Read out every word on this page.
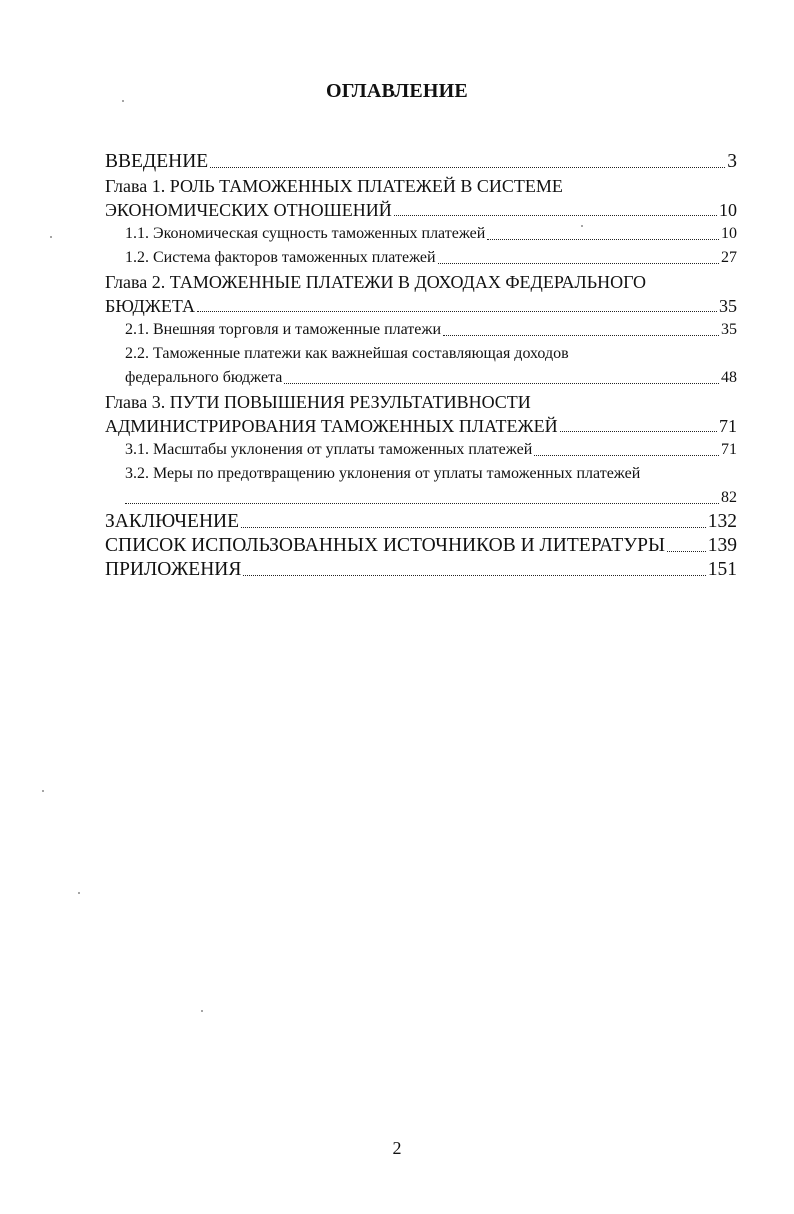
ОГЛАВЛЕНИЕ
ВВЕДЕНИЕ	3
Глава 1. РОЛЬ ТАМОЖЕННЫХ ПЛАТЕЖЕЙ В СИСТЕМЕ
ЭКОНОМИЧЕСКИХ ОТНОШЕНИЙ	10
1.1. Экономическая сущность таможенных платежей	10
1.2. Система факторов таможенных платежей	27
Глава 2. ТАМОЖЕННЫЕ ПЛАТЕЖИ В ДОХОДАХ ФЕДЕРАЛЬНОГО
БЮДЖЕТА	35
2.1. Внешняя торговля и таможенные платежи	35
2.2. Таможенные платежи как важнейшая составляющая доходов
федерального бюджета	48
Глава 3. ПУТИ ПОВЫШЕНИЯ РЕЗУЛЬТАТИВНОСТИ
АДМИНИСТРИРОВАНИЯ ТАМОЖЕННЫХ ПЛАТЕЖЕЙ	71
3.1. Масштабы уклонения от уплаты таможенных платежей	71
3.2. Меры по предотвращению уклонения от уплаты таможенных платежей
82
ЗАКЛЮЧЕНИЕ	132
СПИСОК ИСПОЛЬЗОВАННЫХ ИСТОЧНИКОВ И ЛИТЕРАТУРЫ 139
ПРИЛОЖЕНИЯ	151
2
